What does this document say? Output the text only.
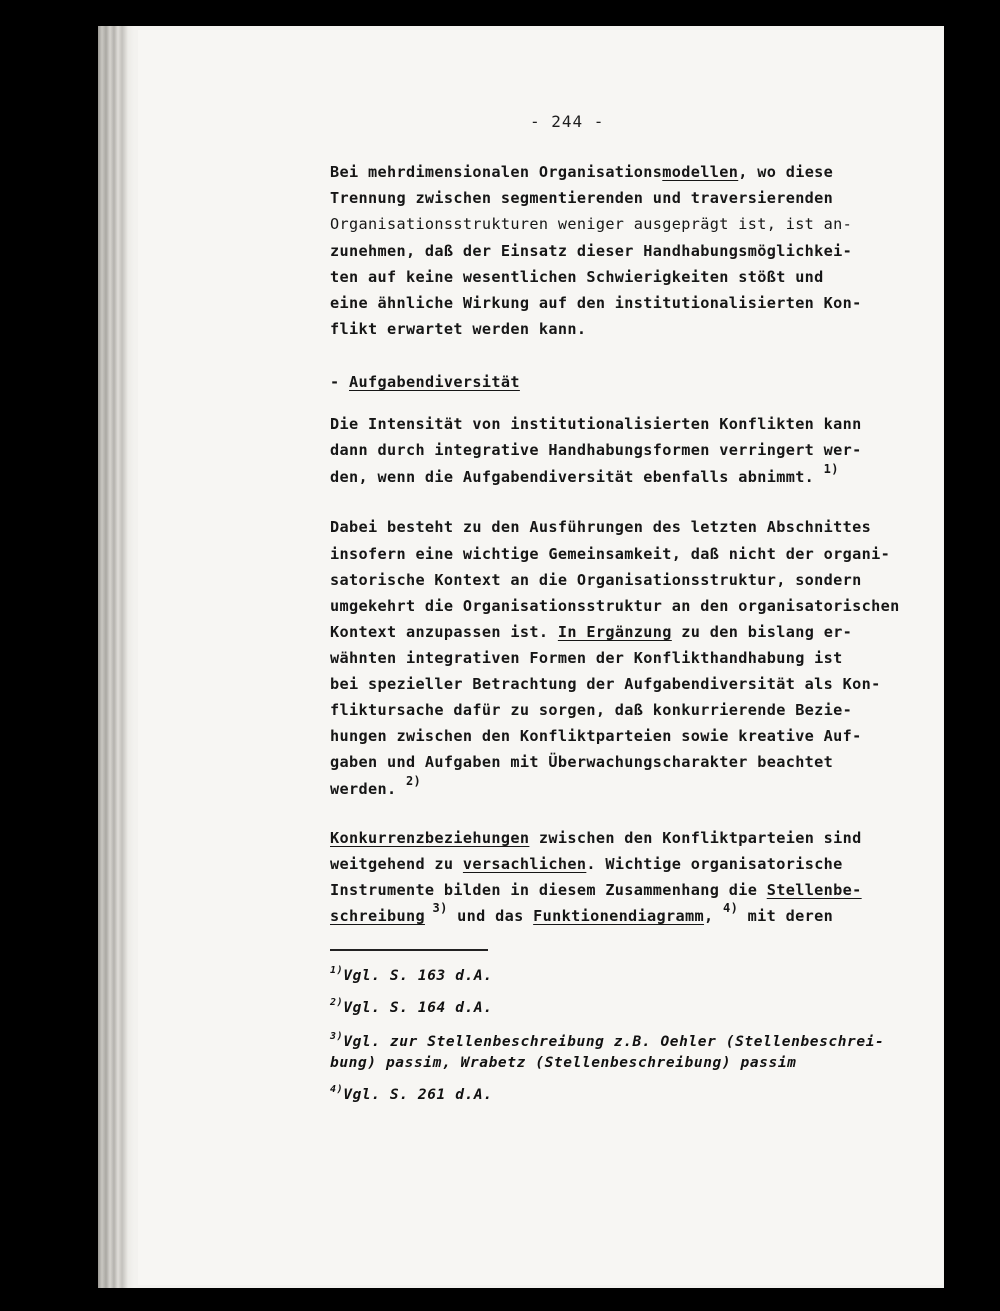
- 244 -
Bei mehrdimensionalen Organisationsmodellen, wo diese
Trennung zwischen segmentierenden und traversierenden
Organisationsstrukturen weniger ausgeprägt ist, ist an-
zunehmen, daß der Einsatz dieser Handhabungsmöglichkei-
ten auf keine wesentlichen Schwierigkeiten stößt und
eine ähnliche Wirkung auf den institutionalisierten Kon-
flikt erwartet werden kann.
- Aufgabendiversität
Die Intensität von institutionalisierten Konflikten kann
dann durch integrative Handhabungsformen verringert wer-
den, wenn die Aufgabendiversität ebenfalls abnimmt. $^{1)}$
Dabei besteht zu den Ausführungen des letzten Abschnittes
insofern eine wichtige Gemeinsamkeit, daß nicht der organi-
satorische Kontext an die Organisationsstruktur, sondern
umgekehrt die Organisationsstruktur an den organisatorischen
Kontext anzupassen ist. In Ergänzung zu den bislang er-
wähnten integrativen Formen der Konflikthandhabung ist
bei spezieller Betrachtung der Aufgabendiversität als Kon-
fliktursache dafür zu sorgen, daß konkurrierende Bezie-
hungen zwischen den Konfliktparteien sowie kreative Auf-
gaben und Aufgaben mit Überwachungscharakter beachtet
werden. $^{2)}$
Konkurrenzbeziehungen zwischen den Konfliktparteien sind
weitgehend zu versachlichen. Wichtige organisatorische
Instrumente bilden in diesem Zusammenhang die Stellenbe-
schreibung $^{3)}$ und das Funktionendiagramm, $^{4)}$ mit deren
$^{1)}$Vgl. S. 163 d.A.
$^{2)}$Vgl. S. 164 d.A.
$^{3)}$Vgl. zur Stellenbeschreibung z.B. Oehler (Stellenbeschrei-
bung) passim, Wrabetz (Stellenbeschreibung) passim
$^{4)}$Vgl. S. 261 d.A.
